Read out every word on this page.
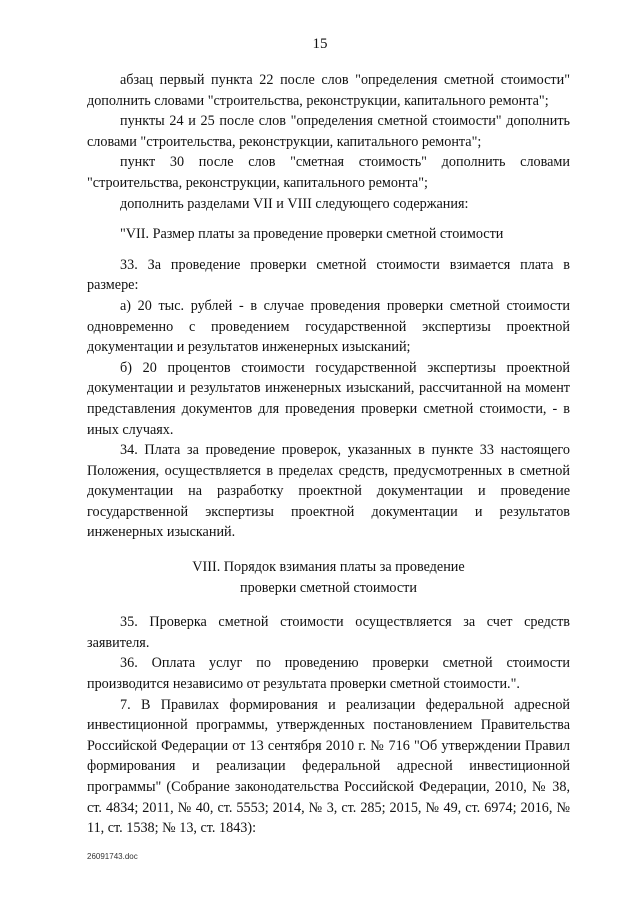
15

абзац первый пункта 22 после слов "определения сметной стоимости" дополнить словами "строительства, реконструкции, капитального ремонта";

пункты 24 и 25 после слов "определения сметной стоимости" дополнить словами "строительства, реконструкции, капитального ремонта";

пункт 30 после слов "сметная стоимость" дополнить словами "строительства, реконструкции, капитального ремонта";

дополнить разделами VII и VIII следующего содержания:

"VII. Размер платы за проведение проверки сметной стоимости

33. За проведение проверки сметной стоимости взимается плата в размере:

а) 20 тыс. рублей - в случае проведения проверки сметной стоимости одновременно с проведением государственной экспертизы проектной документации и результатов инженерных изысканий;

б) 20 процентов стоимости государственной экспертизы проектной документации и результатов инженерных изысканий, рассчитанной на момент представления документов для проведения проверки сметной стоимости, - в иных случаях.

34. Плата за проведение проверок, указанных в пункте 33 настоящего Положения, осуществляется в пределах средств, предусмотренных в сметной документации на разработку проектной документации и проведение государственной экспертизы проектной документации и результатов инженерных изысканий.

VIII. Порядок взимания платы за проведение

проверки сметной стоимости

35. Проверка сметной стоимости осуществляется за счет средств заявителя.

36. Оплата услуг по проведению проверки сметной стоимости производится независимо от результата проверки сметной стоимости.".

7. В Правилах формирования и реализации федеральной адресной инвестиционной программы, утвержденных постановлением Правительства Российской Федерации от 13 сентября 2010 г. № 716 "Об утверждении Правил формирования и реализации федеральной адресной инвестиционной программы" (Собрание законодательства Российской Федерации, 2010, № 38, ст. 4834; 2011, № 40, ст. 5553; 2014, № 3, ст. 285; 2015, № 49, ст. 6974; 2016, № 11, ст. 1538; № 13, ст. 1843):

26091743.doc
